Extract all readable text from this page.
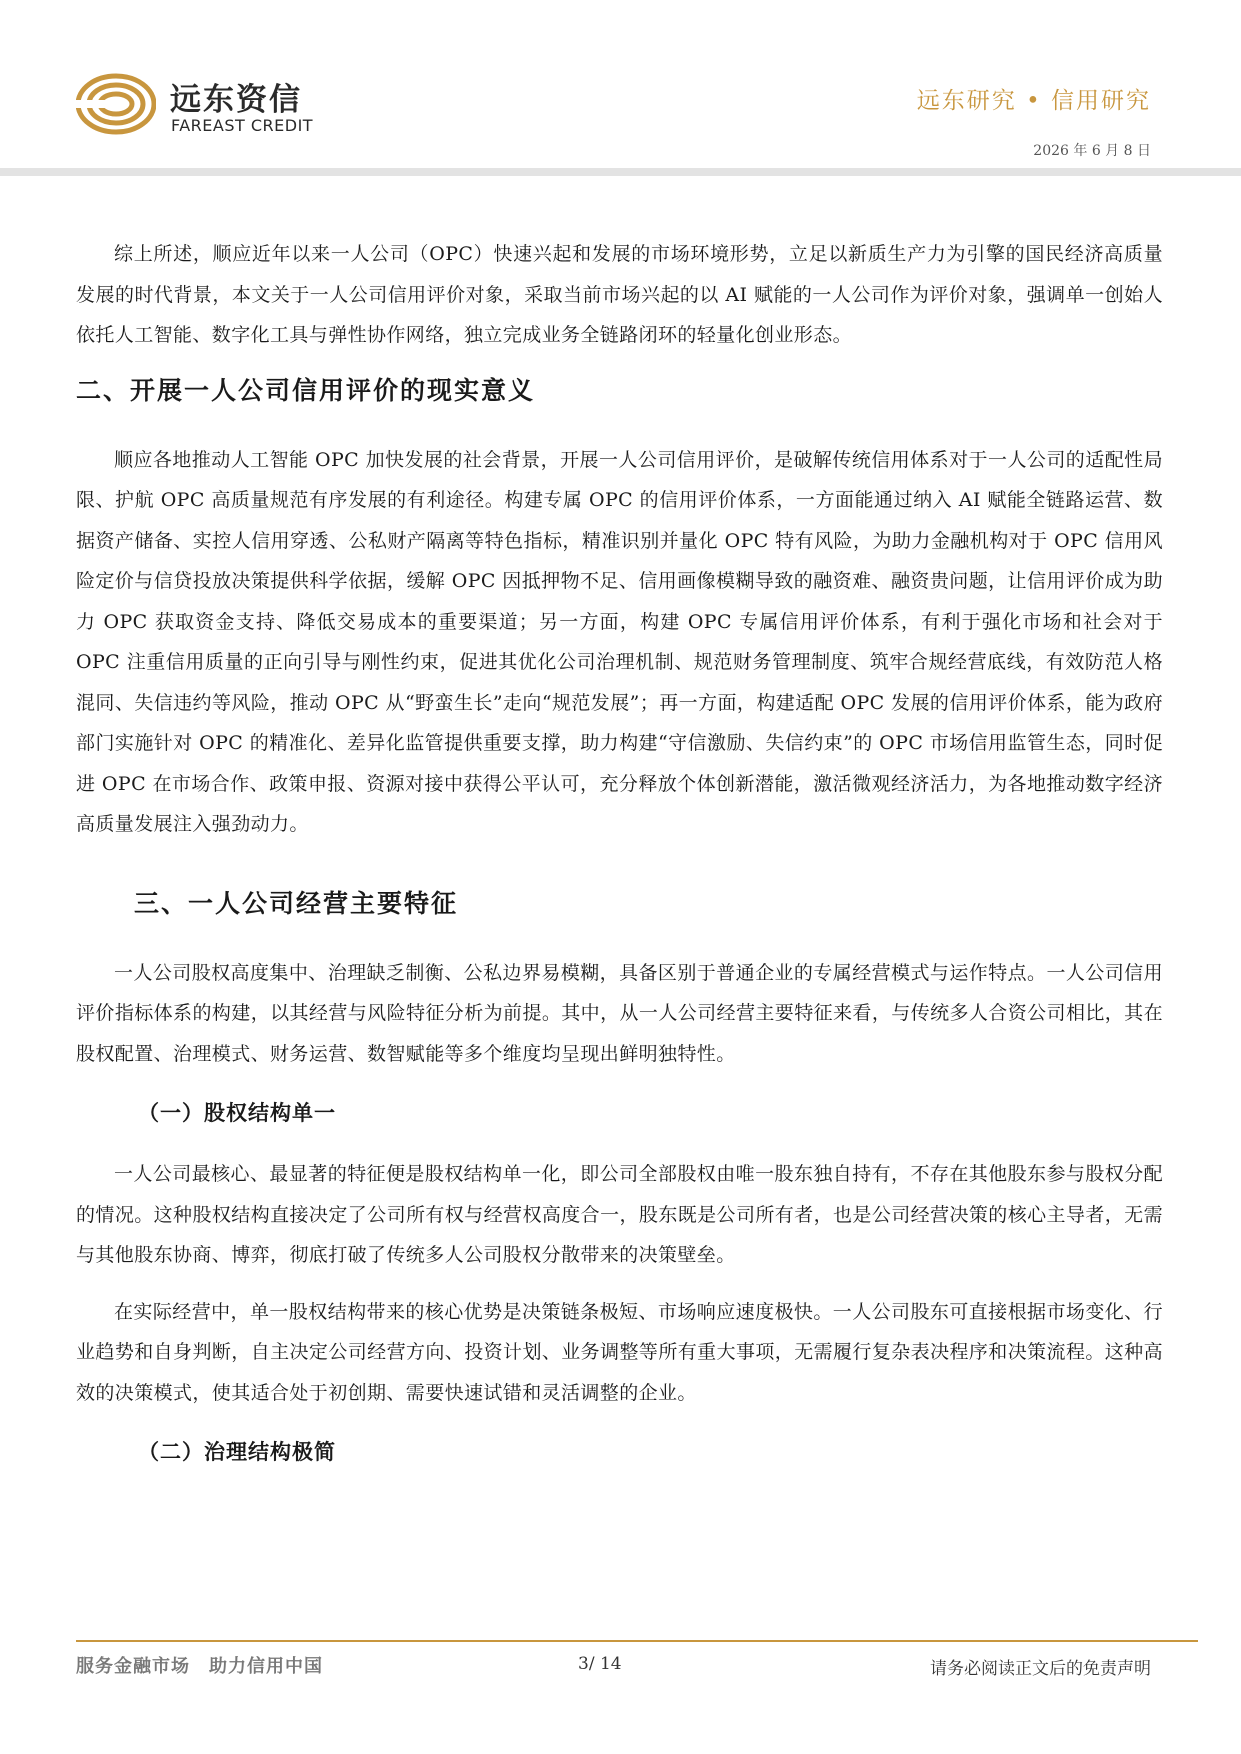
远东资信
FAREAST CREDIT
远东研究 • 信用研究
2026 年 6 月 8 日

综上所述，顺应近年以来一人公司（OPC）快速兴起和发展的市场环境形势，立足以新质生产力为引擎的国民经济高质量发展的时代背景，本文关于一人公司信用评价对象，采取当前市场兴起的以 AI 赋能的一人公司作为评价对象，强调单一创始人依托人工智能、数字化工具与弹性协作网络，独立完成业务全链路闭环的轻量化创业形态。

二、开展一人公司信用评价的现实意义

顺应各地推动人工智能 OPC 加快发展的社会背景，开展一人公司信用评价，是破解传统信用体系对于一人公司的适配性局限、护航 OPC 高质量规范有序发展的有利途径。构建专属 OPC 的信用评价体系，一方面能通过纳入 AI 赋能全链路运营、数据资产储备、实控人信用穿透、公私财产隔离等特色指标，精准识别并量化 OPC 特有风险，为助力金融机构对于 OPC 信用风险定价与信贷投放决策提供科学依据，缓解 OPC 因抵押物不足、信用画像模糊导致的融资难、融资贵问题，让信用评价成为助力 OPC 获取资金支持、降低交易成本的重要渠道；另一方面，构建 OPC 专属信用评价体系，有利于强化市场和社会对于 OPC 注重信用质量的正向引导与刚性约束，促进其优化公司治理机制、规范财务管理制度、筑牢合规经营底线，有效防范人格混同、失信违约等风险，推动 OPC 从“野蛮生长”走向“规范发展”；再一方面，构建适配 OPC 发展的信用评价体系，能为政府部门实施针对 OPC 的精准化、差异化监管提供重要支撑，助力构建“守信激励、失信约束”的 OPC 市场信用监管生态，同时促进 OPC 在市场合作、政策申报、资源对接中获得公平认可，充分释放个体创新潜能，激活微观经济活力，为各地推动数字经济高质量发展注入强劲动力。

三、一人公司经营主要特征

一人公司股权高度集中、治理缺乏制衡、公私边界易模糊，具备区别于普通企业的专属经营模式与运作特点。一人公司信用评价指标体系的构建，以其经营与风险特征分析为前提。其中，从一人公司经营主要特征来看，与传统多人合资公司相比，其在股权配置、治理模式、财务运营、数智赋能等多个维度均呈现出鲜明独特性。

（一）股权结构单一

一人公司最核心、最显著的特征便是股权结构单一化，即公司全部股权由唯一股东独自持有，不存在其他股东参与股权分配的情况。这种股权结构直接决定了公司所有权与经营权高度合一，股东既是公司所有者，也是公司经营决策的核心主导者，无需与其他股东协商、博弈，彻底打破了传统多人公司股权分散带来的决策壁垒。

在实际经营中，单一股权结构带来的核心优势是决策链条极短、市场响应速度极快。一人公司股东可直接根据市场变化、行业趋势和自身判断，自主决定公司经营方向、投资计划、业务调整等所有重大事项，无需履行复杂表决程序和决策流程。这种高效的决策模式，使其适合处于初创期、需要快速试错和灵活调整的企业。

（二）治理结构极简
服务金融市场　助力信用中国	3/ 14	请务必阅读正文后的免责声明
